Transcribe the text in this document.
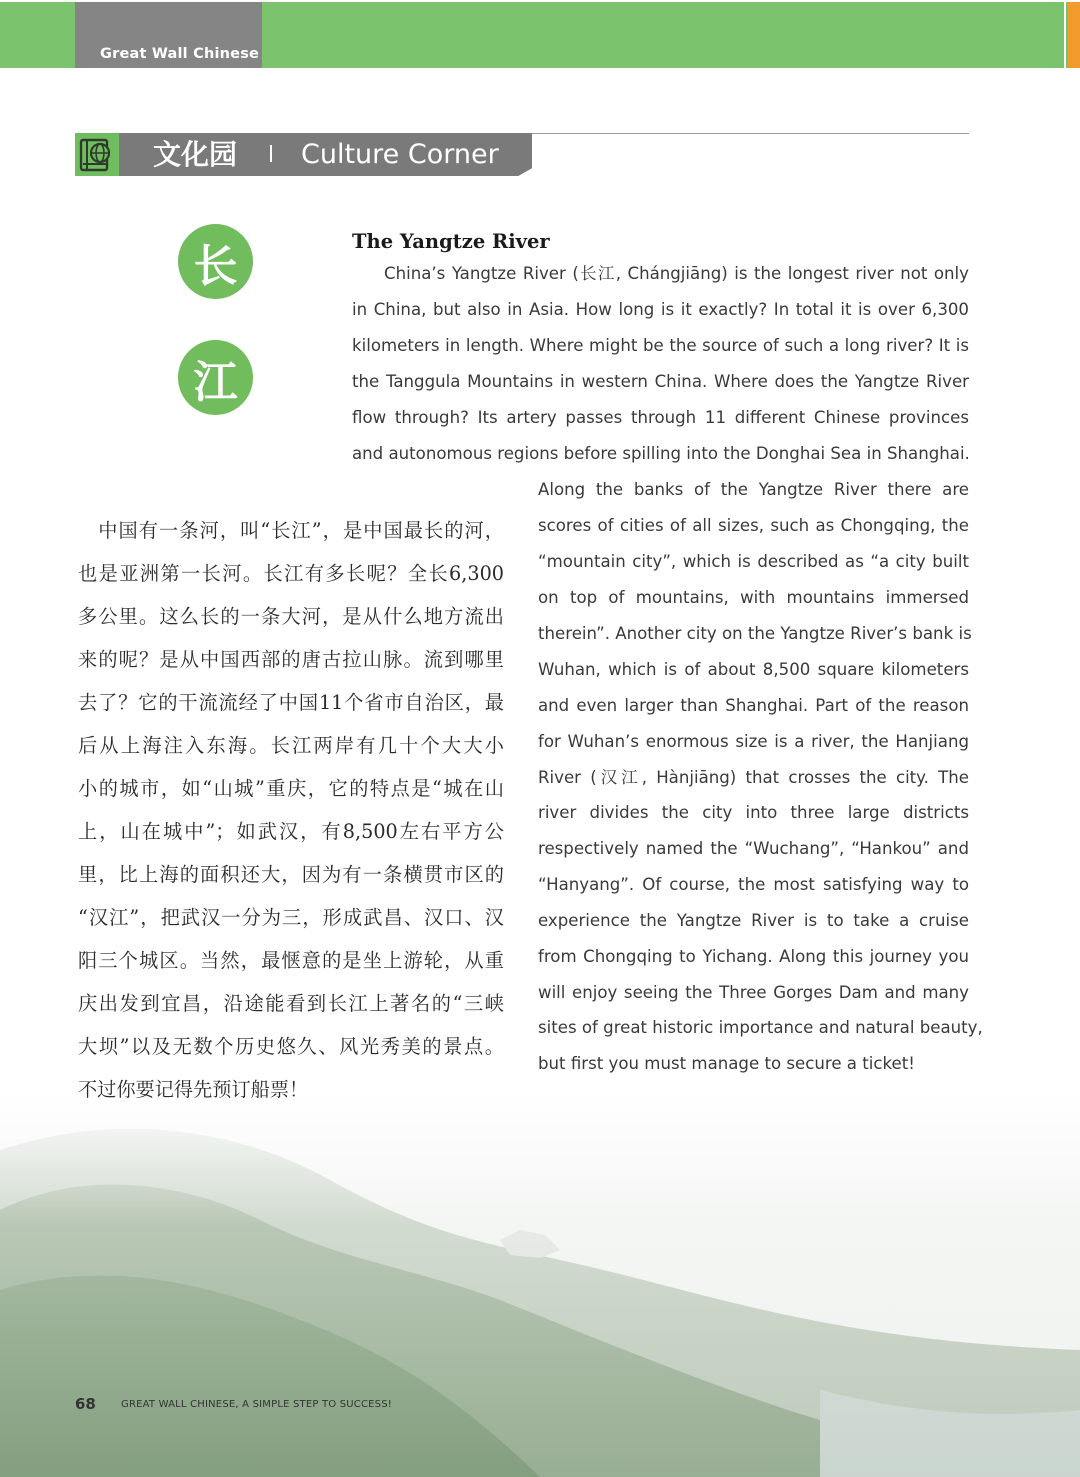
Great Wall Chinese
文化园 Culture Corner
长
江
The Yangtze River
China’s Yangtze River (长江, Chángjiāng) is the longest river not only
in China, but also in Asia. How long is it exactly? In total it is over 6,300
kilometers in length. Where might be the source of such a long river? It is
the Tanggula Mountains in western China. Where does the Yangtze River
flow through? Its artery passes through 11 different Chinese provinces
and autonomous regions before spilling into the Donghai Sea in Shanghai.
Along the banks of the Yangtze River there are
scores of cities of all sizes, such as Chongqing, the
“mountain city”, which is described as “a city built
on top of mountains, with mountains immersed
therein”. Another city on the Yangtze River’s bank is
Wuhan, which is of about 8,500 square kilometers
and even larger than Shanghai. Part of the reason
for Wuhan’s enormous size is a river, the Hanjiang
River (汉江, Hànjiāng) that crosses the city. The
river divides the city into three large districts
respectively named the “Wuchang”, “Hankou” and
“Hanyang”. Of course, the most satisfying way to
experience the Yangtze River is to take a cruise
from Chongqing to Yichang. Along this journey you
will enjoy seeing the Three Gorges Dam and many
sites of great historic importance and natural beauty,
but first you must manage to secure a ticket!
　中国有一条河，叫“长江”，是中国最长的河，
也是亚洲第一长河。长江有多长呢？全长6,300
多公里。这么长的一条大河，是从什么地方流出
来的呢？是从中国西部的唐古拉山脉。流到哪里
去了？它的干流流经了中国11个省市自治区，最
后从上海注入东海。长江两岸有几十个大大小
小的城市，如“山城”重庆，它的特点是“城在山
上，山在城中”；如武汉，有8,500左右平方公
里，比上海的面积还大，因为有一条横贯市区的
“汉江”，把武汉一分为三，形成武昌、汉口、汉
阳三个城区。当然，最惬意的是坐上游轮，从重
庆出发到宜昌，沿途能看到长江上著名的“三峡
大坝”以及无数个历史悠久、风光秀美的景点。
不过你要记得先预订船票！
68	GREAT WALL CHINESE, A SIMPLE STEP TO SUCCESS!
